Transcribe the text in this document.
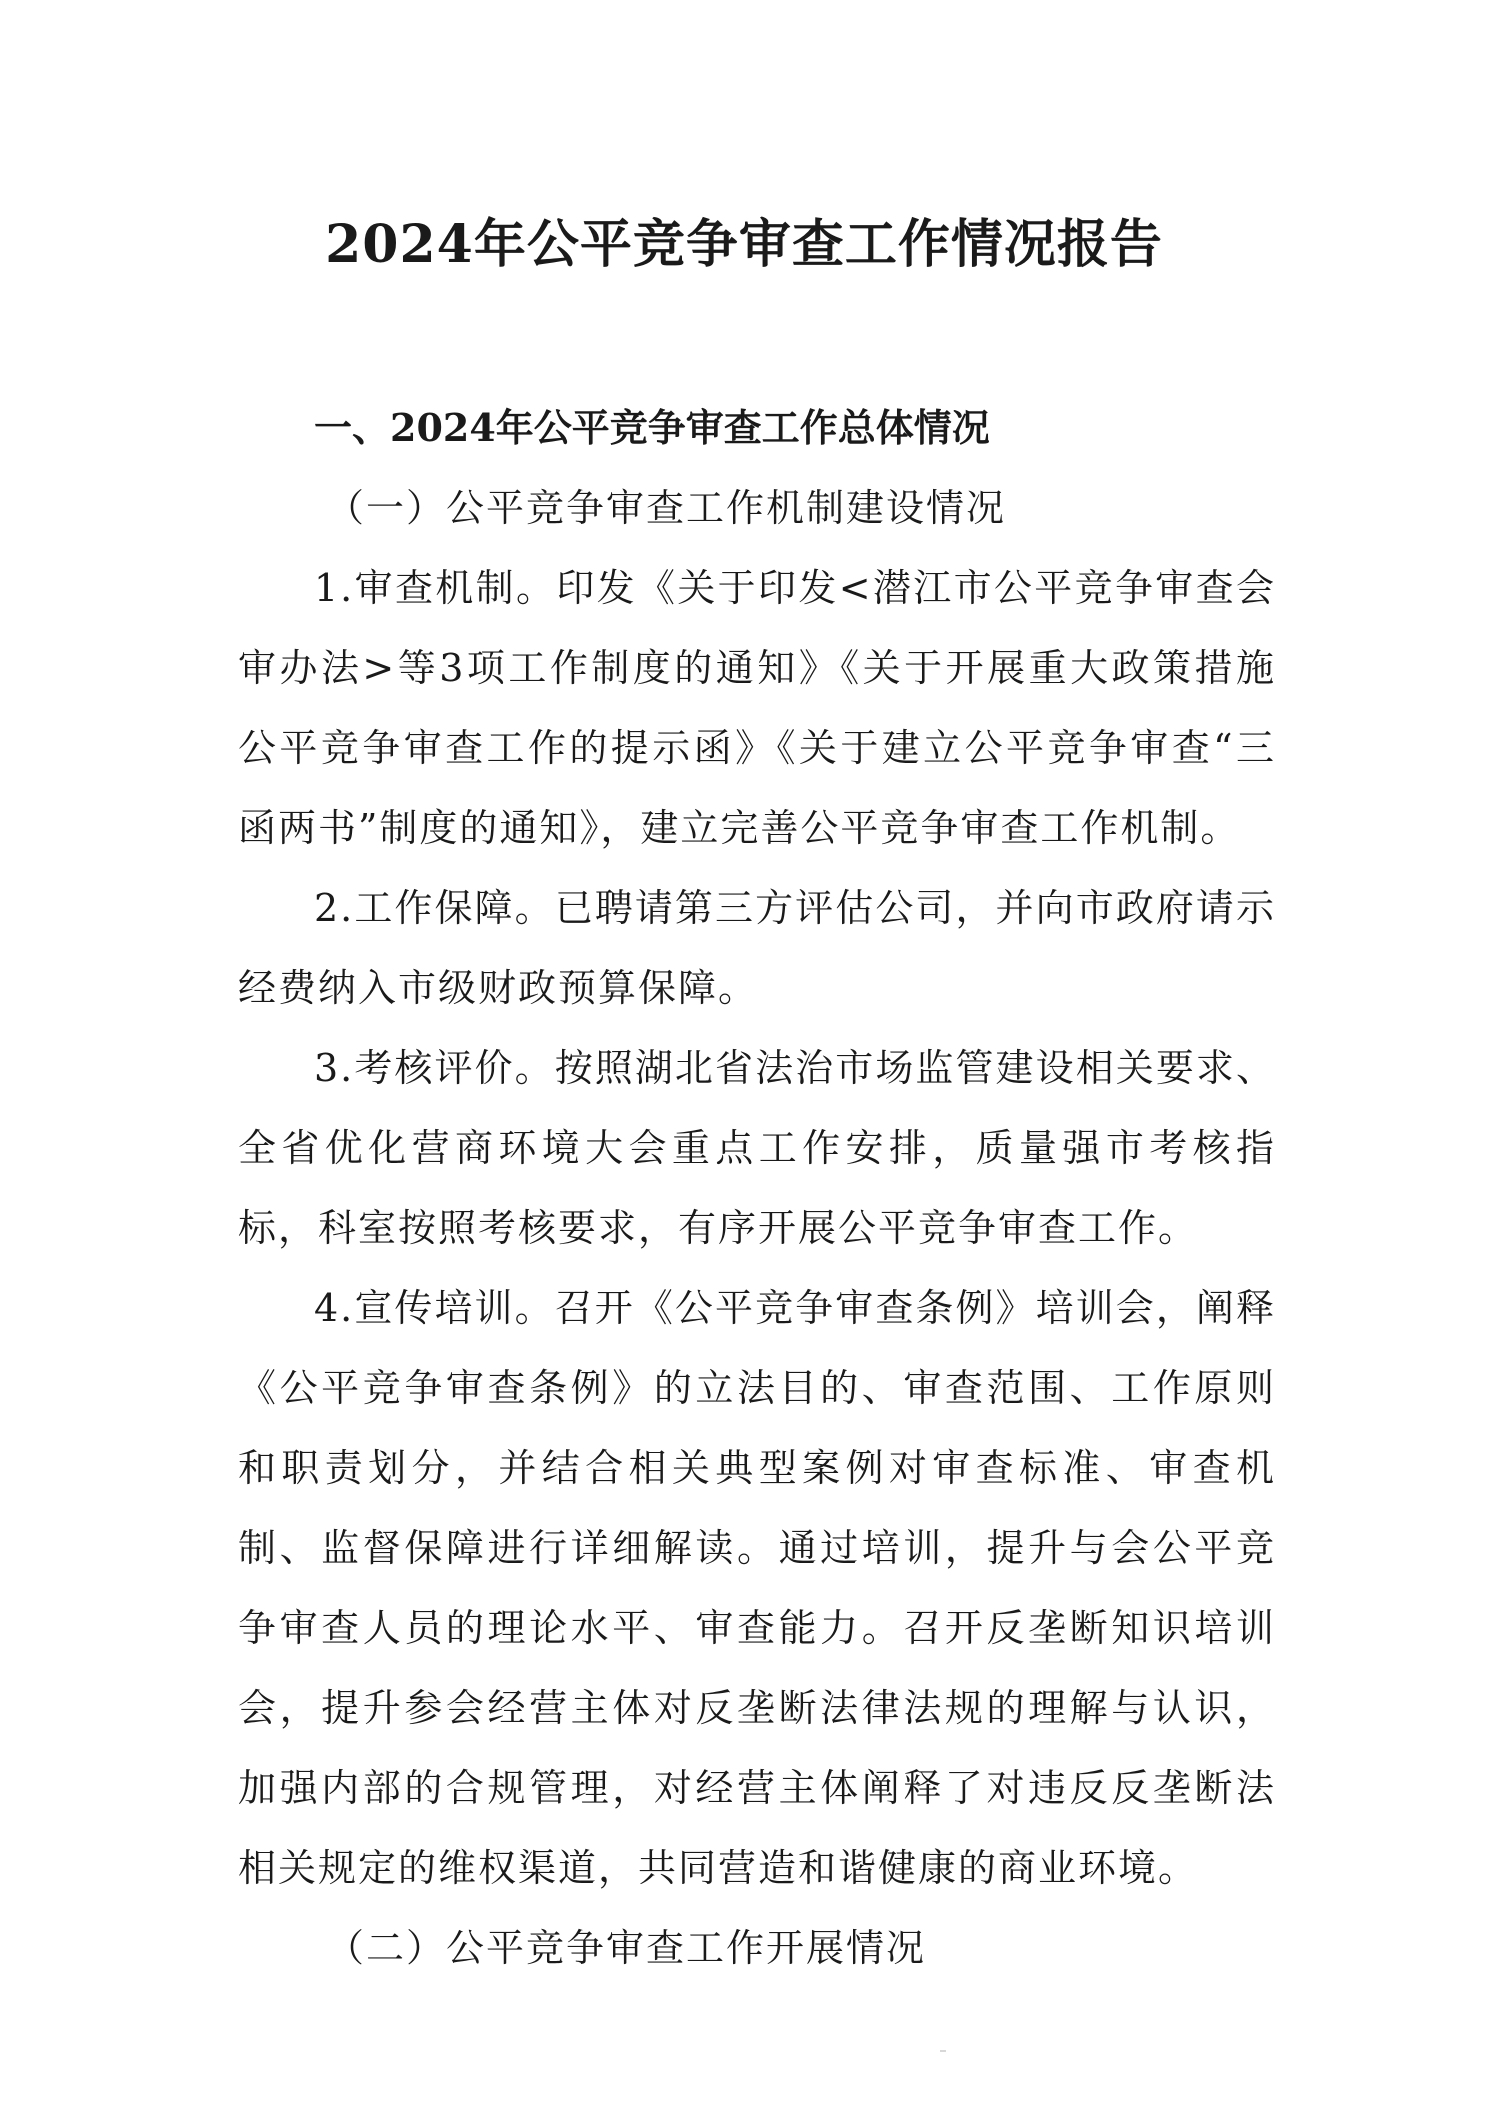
2024年公平竞争审查工作情况报告

一、2024年公平竞争审查工作总体情况

（一）公平竞争审查工作机制建设情况

1.审查机制。印发《关于印发<潜江市公平竞争审查会审办法>等3项工作制度的通知》《关于开展重大政策措施公平竞争审查工作的提示函》《关于建立公平竞争审查“三函两书”制度的通知》，建立完善公平竞争审查工作机制。

2.工作保障。已聘请第三方评估公司，并向市政府请示经费纳入市级财政预算保障。

3.考核评价。按照湖北省法治市场监管建设相关要求、全省优化营商环境大会重点工作安排，质量强市考核指标，科室按照考核要求，有序开展公平竞争审查工作。

4.宣传培训。召开《公平竞争审查条例》培训会，阐释《公平竞争审查条例》的立法目的、审查范围、工作原则和职责划分，并结合相关典型案例对审查标准、审查机制、监督保障进行详细解读。通过培训，提升与会公平竞争审查人员的理论水平、审查能力。召开反垄断知识培训会，提升参会经营主体对反垄断法律法规的理解与认识，加强内部的合规管理，对经营主体阐释了对违反反垄断法相关规定的维权渠道，共同营造和谐健康的商业环境。

（二）公平竞争审查工作开展情况
